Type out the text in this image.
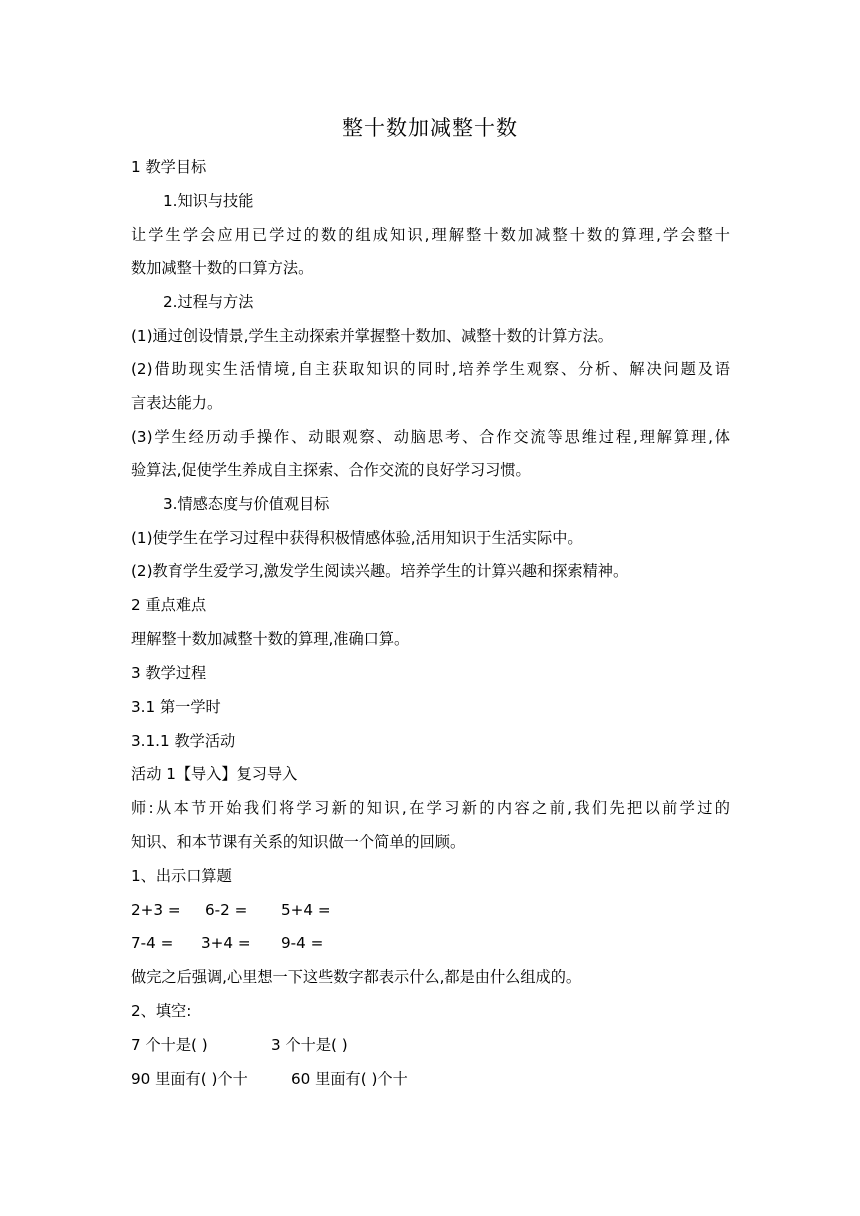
整十数加减整十数
1 教学目标
1.知识与技能
让学生学会应用已学过的数的组成知识,理解整十数加减整十数的算理,学会整十
数加减整十数的口算方法。
2.过程与方法
(1)通过创设情景,学生主动探索并掌握整十数加、减整十数的计算方法。
(2)借助现实生活情境,自主获取知识的同时,培养学生观察、分析、解决问题及语
言表达能力。
(3)学生经历动手操作、动眼观察、动脑思考、合作交流等思维过程,理解算理,体
验算法,促使学生养成自主探索、合作交流的良好学习习惯。
3.情感态度与价值观目标
(1)使学生在学习过程中获得积极情感体验,活用知识于生活实际中。
(2)教育学生爱学习,激发学生阅读兴趣。培养学生的计算兴趣和探索精神。
2 重点难点
理解整十数加减整十数的算理,准确口算。
3 教学过程
3.1 第一学时
3.1.1 教学活动
活动 1【导入】复习导入
师:从本节开始我们将学习新的知识,在学习新的内容之前,我们先把以前学过的
知识、和本节课有关系的知识做一个简单的回顾。
1、出示口算题
2+3 = 6-2 = 5+4 =
7-4 = 3+4 = 9-4 =
做完之后强调,心里想一下这些数字都表示什么,都是由什么组成的。
2、填空:
7 个十是( )	3 个十是( )
90 里面有( )个十	60 里面有( )个十
